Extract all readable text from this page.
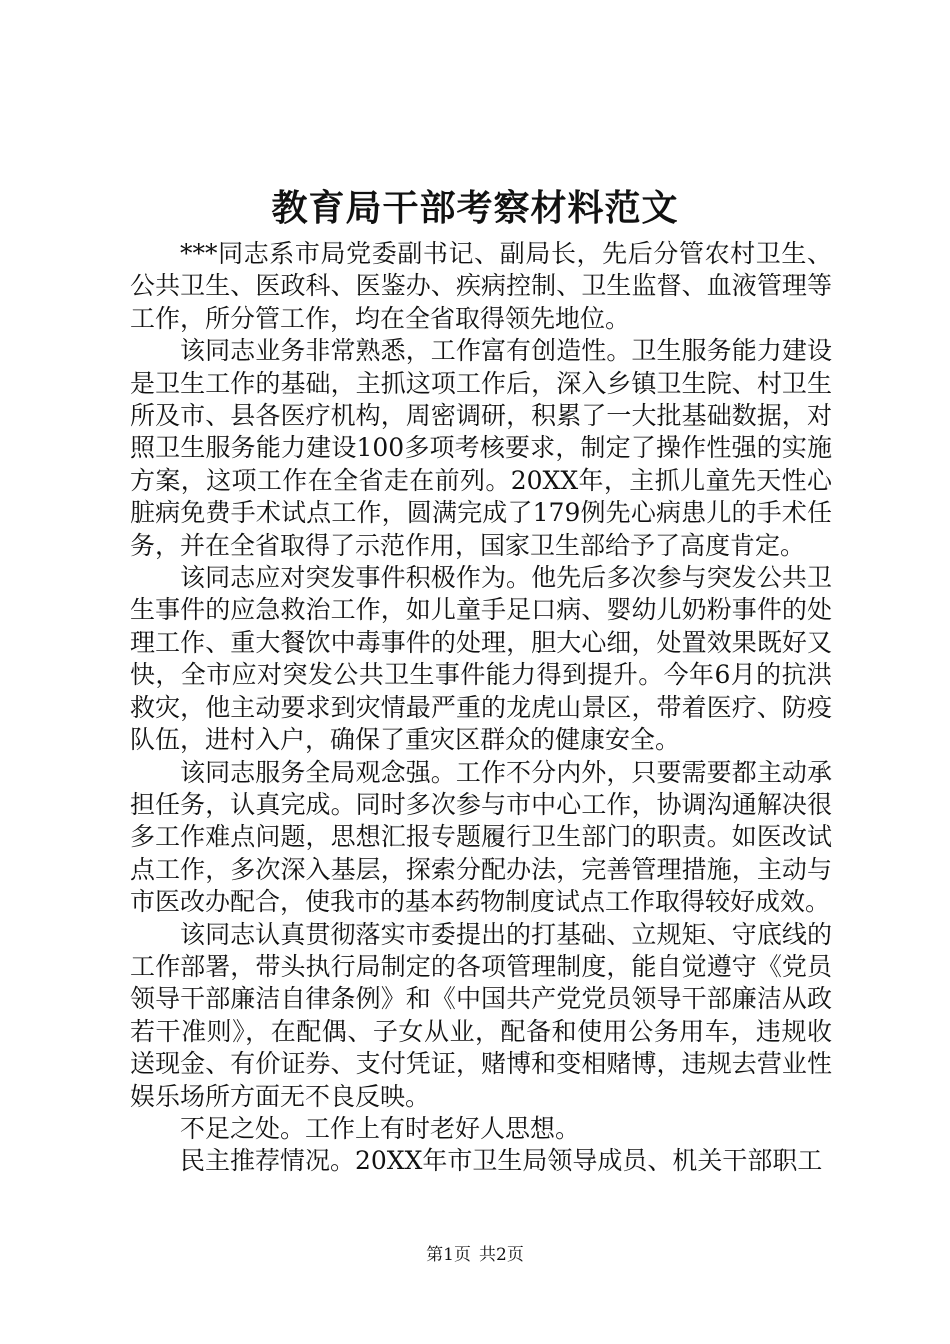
教育局干部考察材料范文

***同志系市局党委副书记、副局长，先后分管农村卫生、公共卫生、医政科、医鉴办、疾病控制、卫生监督、血液管理等工作，所分管工作，均在全省取得领先地位。

该同志业务非常熟悉，工作富有创造性。卫生服务能力建设是卫生工作的基础，主抓这项工作后，深入乡镇卫生院、村卫生所及市、县各医疗机构，周密调研，积累了一大批基础数据，对照卫生服务能力建设100多项考核要求，制定了操作性强的实施方案，这项工作在全省走在前列。20XX年，主抓儿童先天性心脏病免费手术试点工作，圆满完成了179例先心病患儿的手术任务，并在全省取得了示范作用，国家卫生部给予了高度肯定。

该同志应对突发事件积极作为。他先后多次参与突发公共卫生事件的应急救治工作，如儿童手足口病、婴幼儿奶粉事件的处理工作、重大餐饮中毒事件的处理，胆大心细，处置效果既好又快，全市应对突发公共卫生事件能力得到提升。今年6月的抗洪救灾，他主动要求到灾情最严重的龙虎山景区，带着医疗、防疫队伍，进村入户，确保了重灾区群众的健康安全。

该同志服务全局观念强。工作不分内外，只要需要都主动承担任务，认真完成。同时多次参与市中心工作，协调沟通解决很多工作难点问题，思想汇报专题履行卫生部门的职责。如医改试点工作，多次深入基层，探索分配办法，完善管理措施，主动与市医改办配合，使我市的基本药物制度试点工作取得较好成效。

该同志认真贯彻落实市委提出的打基础、立规矩、守底线的工作部署，带头执行局制定的各项管理制度，能自觉遵守《党员领导干部廉洁自律条例》和《中国共产党党员领导干部廉洁从政若干准则》，在配偶、子女从业，配备和使用公务用车，违规收送现金、有价证券、支付凭证，赌博和变相赌博，违规去营业性娱乐场所方面无不良反映。

不足之处。工作上有时老好人思想。

民主推荐情况。20XX年市卫生局领导成员、机关干部职工

第1页 共2页
